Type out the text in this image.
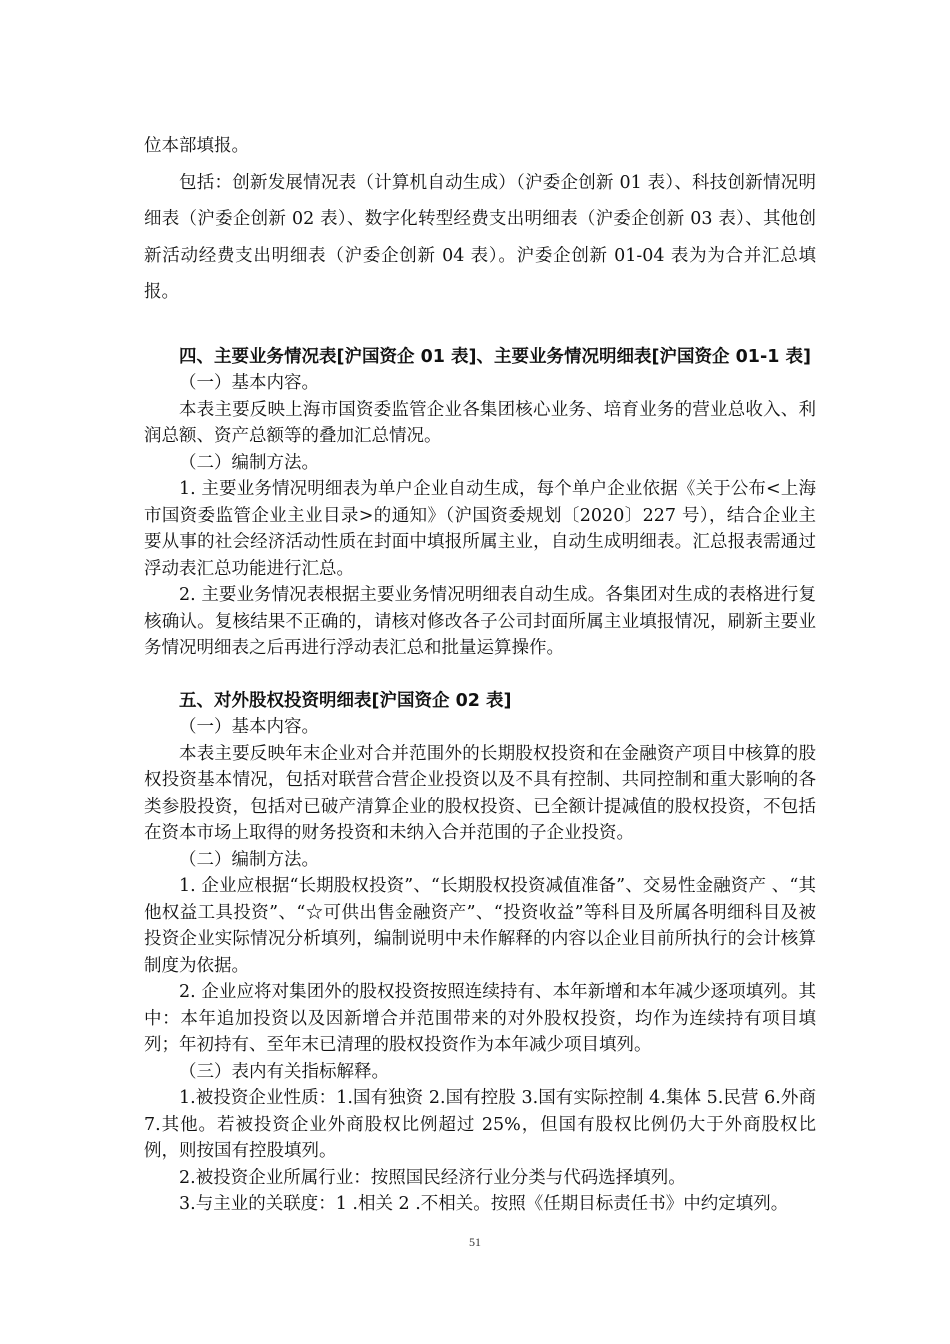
位本部填报。

包括：创新发展情况表（计算机自动生成）（沪委企创新 01 表）、科技创新情况明细表（沪委企创新 02 表）、数字化转型经费支出明细表（沪委企创新 03 表）、其他创新活动经费支出明细表（沪委企创新 04 表）。沪委企创新 01-04 表为为合并汇总填报。

四、主要业务情况表[沪国资企 01 表]、主要业务情况明细表[沪国资企 01-1 表]

（一）基本内容。

本表主要反映上海市国资委监管企业各集团核心业务、培育业务的营业总收入、利润总额、资产总额等的叠加汇总情况。

（二）编制方法。

1. 主要业务情况明细表为单户企业自动生成，每个单户企业依据《关于公布<上海市国资委监管企业主业目录>的通知》（沪国资委规划〔2020〕227 号），结合企业主要从事的社会经济活动性质在封面中填报所属主业，自动生成明细表。汇总报表需通过浮动表汇总功能进行汇总。

2. 主要业务情况表根据主要业务情况明细表自动生成。各集团对生成的表格进行复核确认。复核结果不正确的，请核对修改各子公司封面所属主业填报情况，刷新主要业务情况明细表之后再进行浮动表汇总和批量运算操作。

五、对外股权投资明细表[沪国资企 02 表]

（一）基本内容。

本表主要反映年末企业对合并范围外的长期股权投资和在金融资产项目中核算的股权投资基本情况，包括对联营合营企业投资以及不具有控制、共同控制和重大影响的各类参股投资，包括对已破产清算企业的股权投资、已全额计提减值的股权投资，不包括在资本市场上取得的财务投资和未纳入合并范围的子企业投资。

（二）编制方法。

1. 企业应根据“长期股权投资”、“长期股权投资减值准备”、交易性金融资产 、“其他权益工具投资”、“☆可供出售金融资产”、“投资收益”等科目及所属各明细科目及被投资企业实际情况分析填列，编制说明中未作解释的内容以企业目前所执行的会计核算制度为依据。

2. 企业应将对集团外的股权投资按照连续持有、本年新增和本年减少逐项填列。其中：本年追加投资以及因新增合并范围带来的对外股权投资，均作为连续持有项目填列；年初持有、至年末已清理的股权投资作为本年减少项目填列。

（三）表内有关指标解释。

1.被投资企业性质：1.国有独资 2.国有控股 3.国有实际控制 4.集体 5.民营 6.外商 7.其他。若被投资企业外商股权比例超过 25%，但国有股权比例仍大于外商股权比例，则按国有控股填列。

2.被投资企业所属行业：按照国民经济行业分类与代码选择填列。

3.与主业的关联度：1 .相关 2 .不相关。按照《任期目标责任书》中约定填列。

51
